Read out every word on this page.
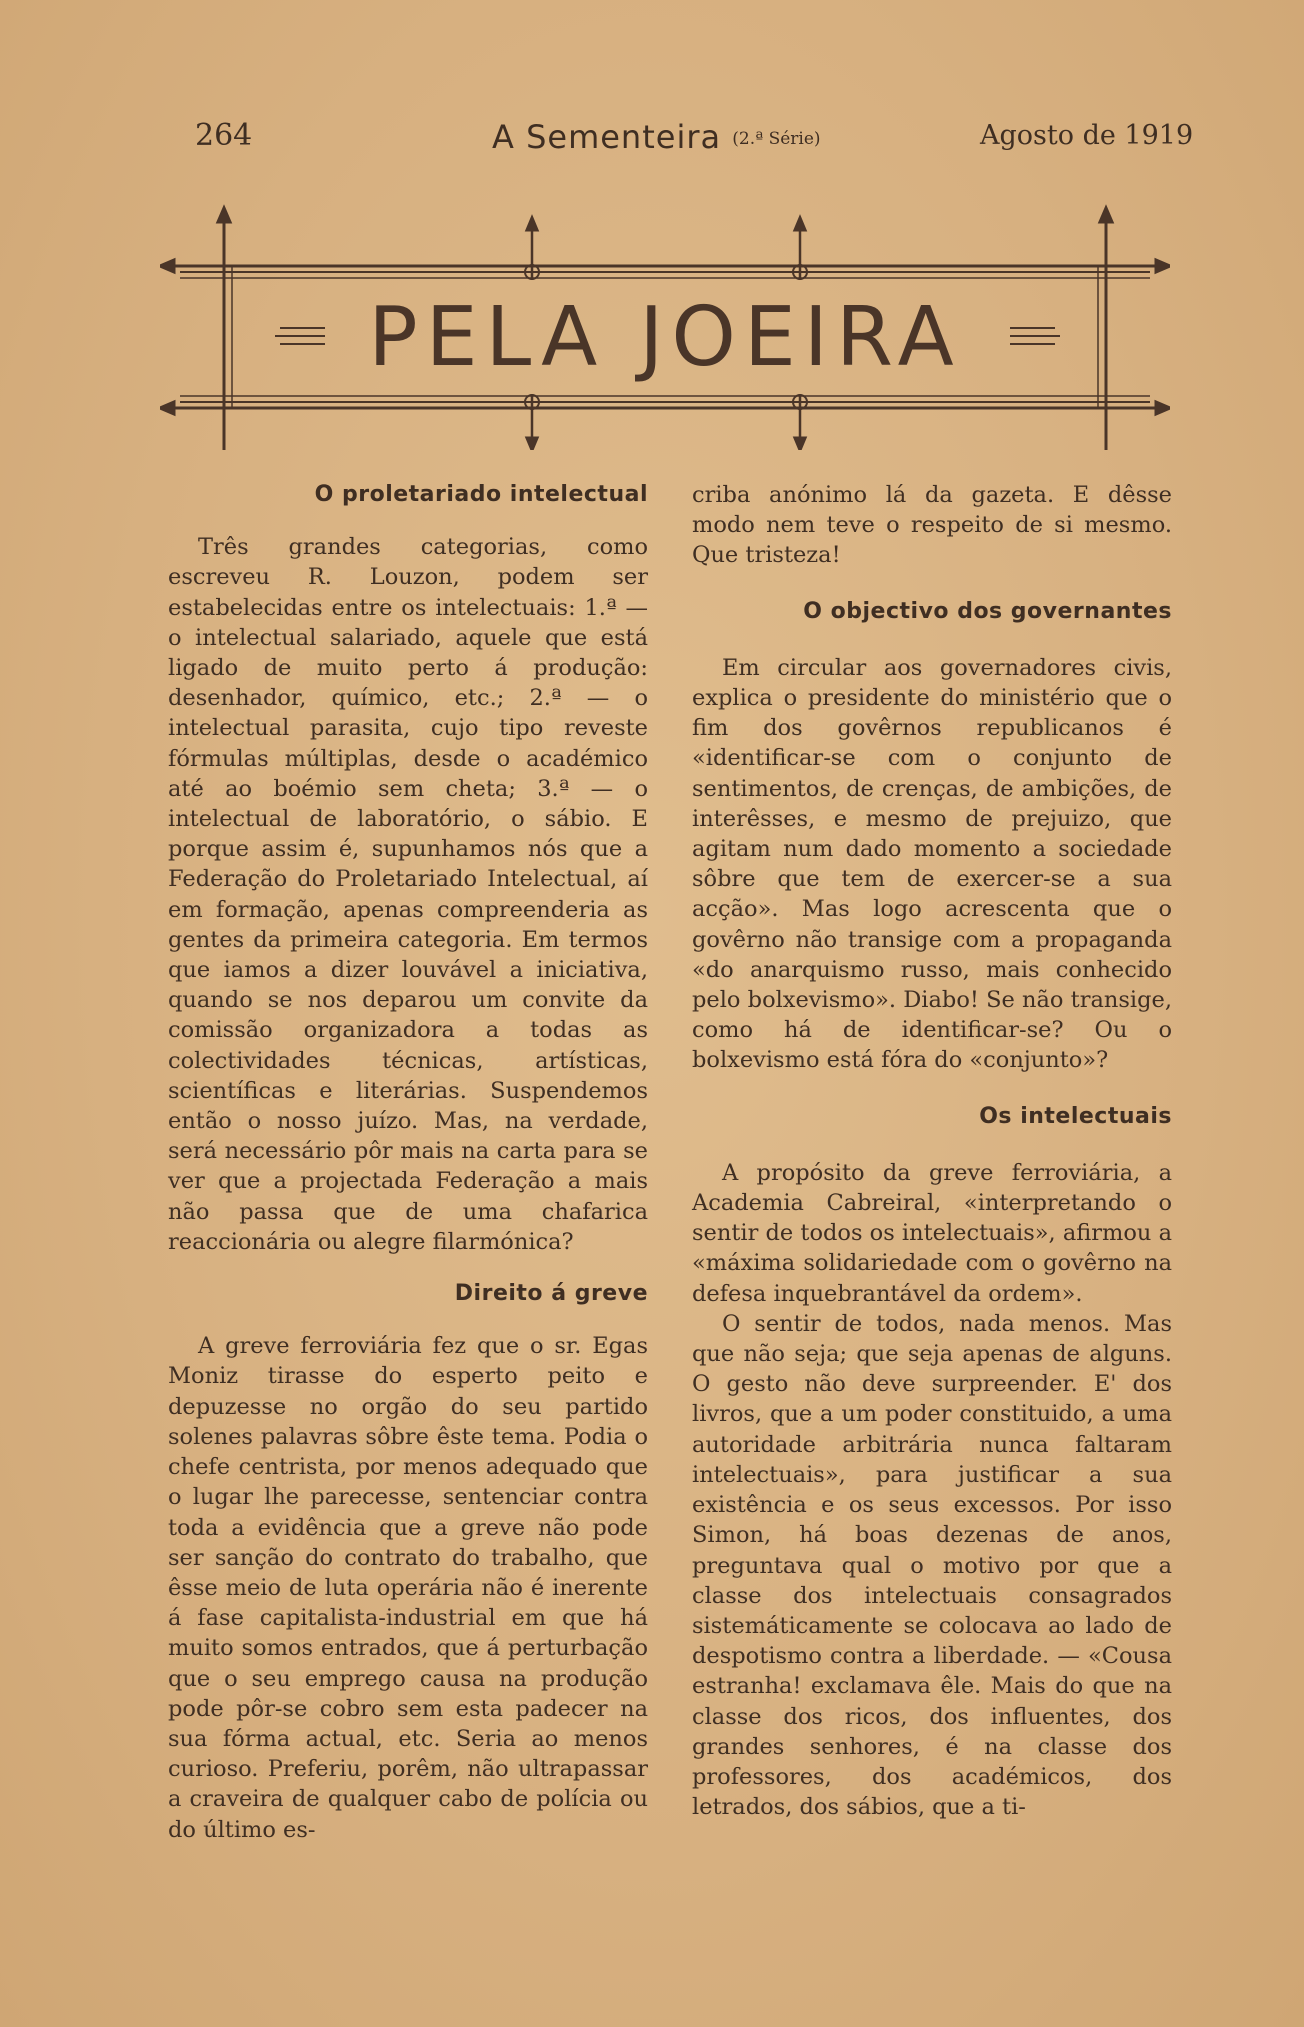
264	A Sementeira (2.ª Série)	Agosto de 1919
PELA JOEIRA
O proletariado intelectual

Três grandes categorias, como escreveu R. Louzon, podem ser estabelecidas entre os intelectuais: 1.ª — o intelectual salariado, aquele que está ligado de muito perto á produção: desenhador, químico, etc.; 2.ª — o intelectual parasita, cujo tipo reveste fórmulas múltiplas, desde o académico até ao boémio sem cheta; 3.ª — o intelectual de laboratório, o sábio. E porque assim é, supunhamos nós que a Federação do Proletariado Intelectual, aí em formação, apenas compreenderia as gentes da primeira categoria. Em termos que iamos a dizer louvável a iniciativa, quando se nos deparou um convite da comissão organizadora a todas as colectividades técnicas, artísticas, scientíficas e literárias. Suspendemos então o nosso juízo. Mas, na verdade, será necessário pôr mais na carta para se ver que a projectada Federação a mais não passa que de uma chafarica reaccionária ou alegre filarmónica?

Direito á greve

A greve ferroviária fez que o sr. Egas Moniz tirasse do esperto peito e depuzesse no orgão do seu partido solenes palavras sôbre êste tema. Podia o chefe centrista, por menos adequado que o lugar lhe parecesse, sentenciar contra toda a evidência que a greve não pode ser sanção do contrato do trabalho, que êsse meio de luta operária não é inerente á fase capitalista-industrial em que há muito somos entrados, que á perturbação que o seu emprego causa na produção pode pôr-se cobro sem esta padecer na sua fórma actual, etc. Seria ao menos curioso. Preferiu, porêm, não ultrapassar a craveira de qualquer cabo de polícia ou do último es-

criba anónimo lá da gazeta. E dêsse modo nem teve o respeito de si mesmo. Que tristeza!

O objectivo dos governantes

Em circular aos governadores civis, explica o presidente do ministério que o fim dos govêrnos republicanos é «identificar-se com o conjunto de sentimentos, de crenças, de ambições, de interêsses, e mesmo de prejuizo, que agitam num dado momento a sociedade sôbre que tem de exercer-se a sua acção». Mas logo acrescenta que o govêrno não transige com a propaganda «do anarquismo russo, mais conhecido pelo bolxevismo». Diabo! Se não transige, como há de identificar-se? Ou o bolxevismo está fóra do «conjunto»?

Os intelectuais

A propósito da greve ferroviária, a Academia Cabreiral, «interpretando o sentir de todos os intelectuais», afirmou a «máxima solidariedade com o govêrno na defesa inquebrantável da ordem».

O sentir de todos, nada menos. Mas que não seja; que seja apenas de alguns. O gesto não deve surpreender. E' dos livros, que a um poder constituido, a uma autoridade arbitrária nunca faltaram intelectuais», para justificar a sua existência e os seus excessos. Por isso Simon, há boas dezenas de anos, preguntava qual o motivo por que a classe dos intelectuais consagrados sistemáticamente se colocava ao lado de despotismo contra a liberdade. — «Cousa estranha! exclamava êle. Mais do que na classe dos ricos, dos influentes, dos grandes senhores, é na classe dos professores, dos académicos, dos letrados, dos sábios, que a ti-
